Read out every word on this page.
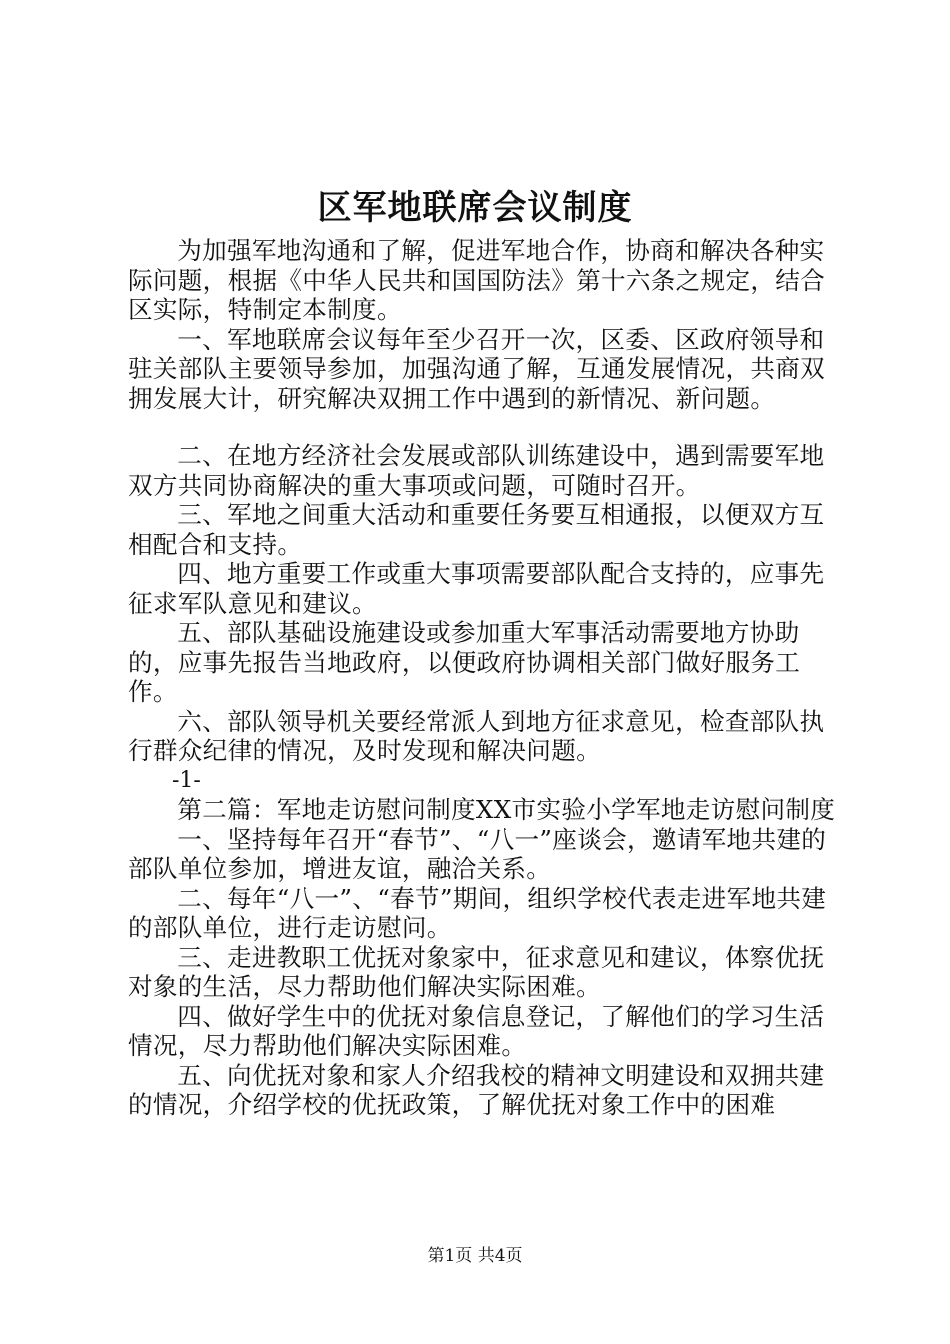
区军地联席会议制度

为加强军地沟通和了解，促进军地合作，协商和解决各种实际问题，根据《中华人民共和国国防法》第十六条之规定，结合区实际，特制定本制度。

一、军地联席会议每年至少召开一次，区委、区政府领导和驻关部队主要领导参加，加强沟通了解，互通发展情况，共商双拥发展大计，研究解决双拥工作中遇到的新情况、新问题。

二、在地方经济社会发展或部队训练建设中，遇到需要军地双方共同协商解决的重大事项或问题，可随时召开。

三、军地之间重大活动和重要任务要互相通报，以便双方互相配合和支持。

四、地方重要工作或重大事项需要部队配合支持的，应事先征求军队意见和建议。

五、部队基础设施建设或参加重大军事活动需要地方协助的，应事先报告当地政府，以便政府协调相关部门做好服务工作。

六、部队领导机关要经常派人到地方征求意见，检查部队执行群众纪律的情况，及时发现和解决问题。

-1-

第二篇：军地走访慰问制度XX市实验小学军地走访慰问制度

一、坚持每年召开“春节”、“八一”座谈会，邀请军地共建的部队单位参加，增进友谊，融洽关系。

二、每年“八一”、“春节”期间，组织学校代表走进军地共建的部队单位，进行走访慰问。

三、走进教职工优抚对象家中，征求意见和建议，体察优抚对象的生活，尽力帮助他们解决实际困难。

四、做好学生中的优抚对象信息登记，了解他们的学习生活情况，尽力帮助他们解决实际困难。

五、向优抚对象和家人介绍我校的精神文明建设和双拥共建的情况，介绍学校的优抚政策，了解优抚对象工作中的困难

第1页 共4页
